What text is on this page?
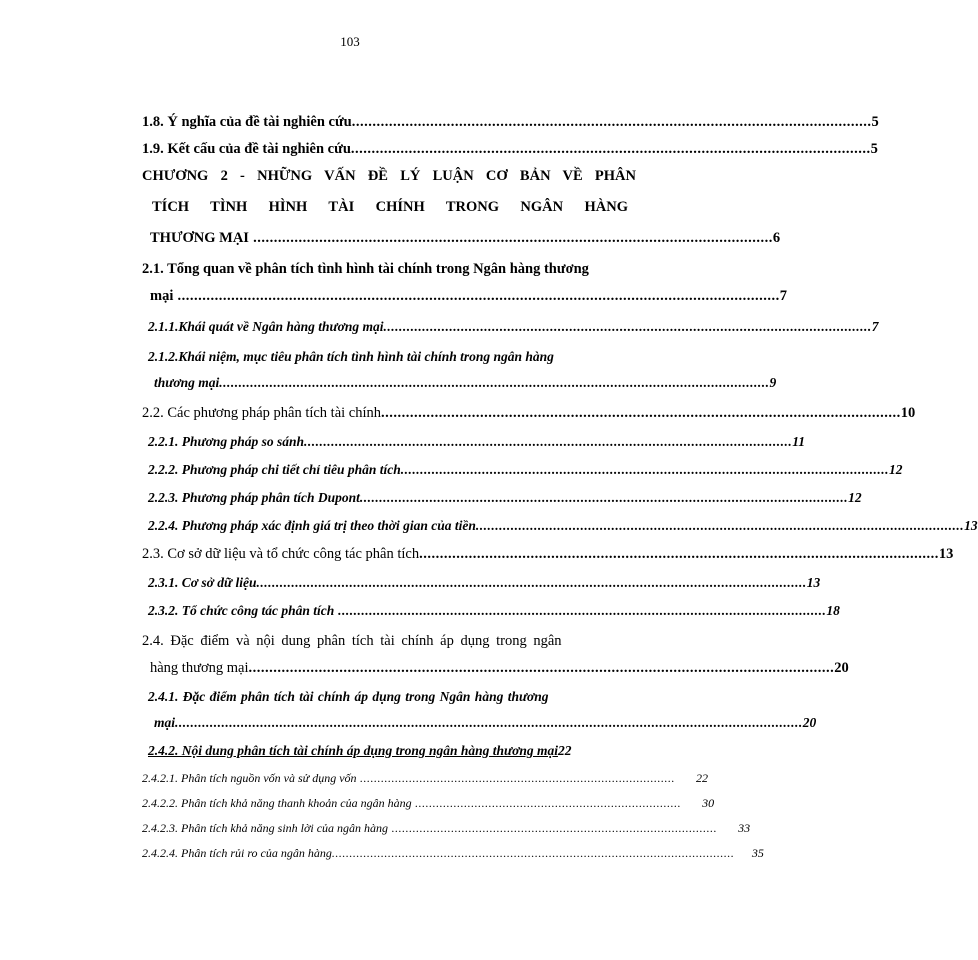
103
1.8. Ý nghĩa của đề tài nghiên cứu .............................................................................................................................. 5
1.9. Kết cấu của đề tài nghiên cứu .............................................................................................................................. 5
CHƯƠNG 2 - NHỮNG VẤN ĐỀ LÝ LUẬN CƠ BẢN VỀ PHÂN
TÍCH TÌNH HÌNH TÀI CHÍNH TRONG NGÂN HÀNG
THƯƠNG MẠI .............................................................................................................................. 6
2.1. Tổng quan về phân tích tình hình tài chính trong Ngân hàng thương
mại .................................................................................................................................................. 7
2.1.1.Khái quát về Ngân hàng thương mại .............................................................................................................................. 7
2.1.2.Khái niệm, mục tiêu phân tích tình hình tài chính trong ngân hàng
thương mại .............................................................................................................................................. 9
2.2. Các phương pháp phân tích tài chính .............................................................................................................................. 10
2.2.1. Phương pháp so sánh .............................................................................................................................. 11
2.2.2. Phương pháp chi tiết chỉ tiêu phân tích .............................................................................................................................. 12
2.2.3. Phương pháp phân tích Dupont .............................................................................................................................. 12
2.2.4. Phương pháp xác định giá trị theo thời gian của tiền .............................................................................................................................. 13
2.3. Cơ sở dữ liệu và tổ chức công tác phân tích .............................................................................................................................. 13
2.3.1. Cơ sở dữ liệu .............................................................................................................................................. 13
2.3.2. Tổ chức công tác phân tích .............................................................................................................................. 18
2.4. Đặc điểm và nội dung phân tích tài chính áp dụng trong ngân
hàng thương mại .............................................................................................................................................. 20
2.4.1. Đặc điểm phân tích tài chính áp dụng trong Ngân hàng thương
mại .................................................................................................................................................................. 20
2.4.2. Nội dung phân tích tài chính áp dụng trong ngân hàng thương mại 22
2.4.2.1. Phân tích nguồn vốn và sử dụng vốn .......................................................................................... 22
2.4.2.2. Phân tích khả năng thanh khoản của ngân hàng ............................................................................ 30
2.4.2.3. Phân tích khả năng sinh lời của ngân hàng ............................................................................................. 33
2.4.2.4. Phân tích rủi ro của ngân hàng ................................................................................................................... 35
